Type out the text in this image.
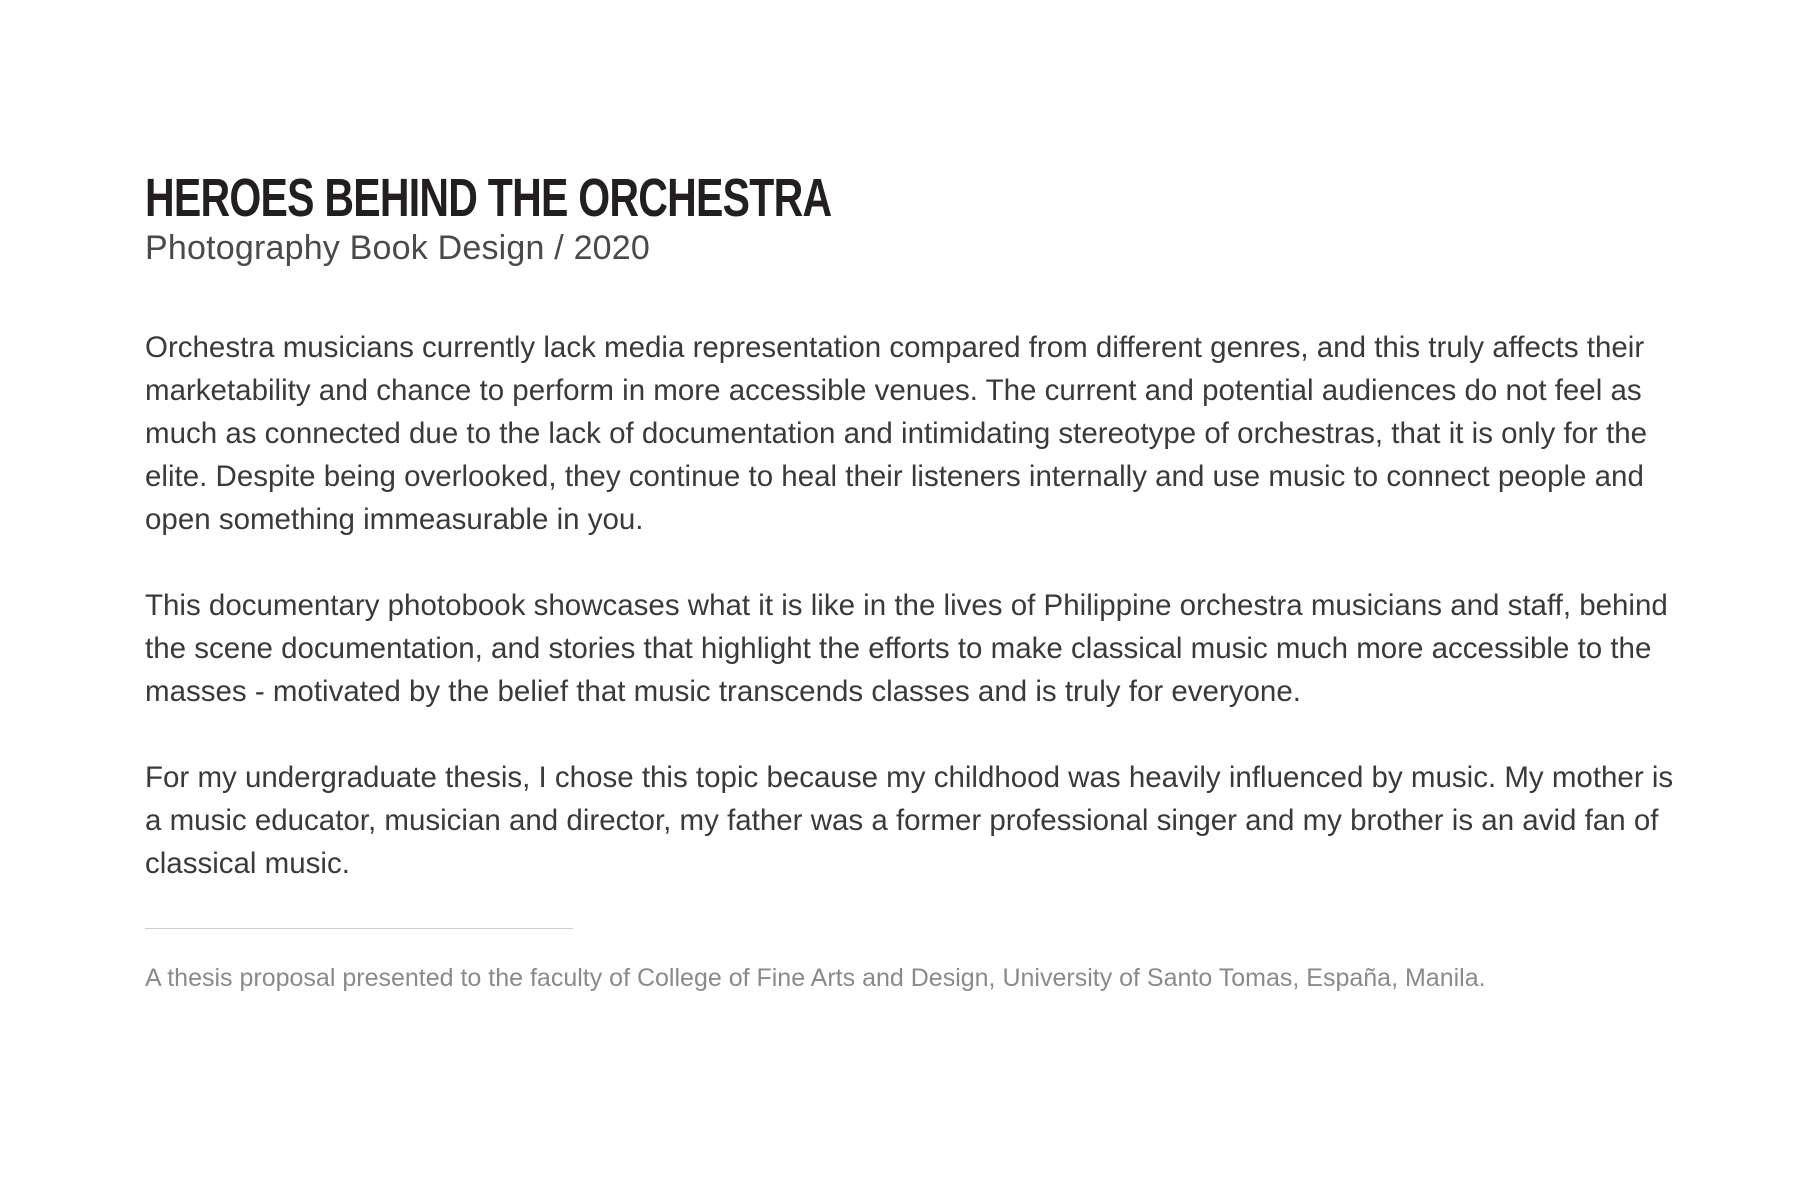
HEROES BEHIND THE ORCHESTRA

Photography Book Design / 2020

Orchestra musicians currently lack media representation compared from different genres, and this truly affects their marketability and chance to perform in more accessible venues. The current and potential audiences do not feel as much as connected due to the lack of documentation and intimidating stereotype of orchestras, that it is only for the elite. Despite being overlooked, they continue to heal their listeners internally and use music to connect people and open something immeasurable in you.

This documentary photobook showcases what it is like in the lives of Philippine orchestra musicians and staff, behind the scene documentation, and stories that highlight the efforts to make classical music much more accessible to the masses - motivated by the belief that music transcends classes and is truly for everyone.

For my undergraduate thesis, I chose this topic because my childhood was heavily influenced by music. My mother is a music educator, musician and director, my father was a former professional singer and my brother is an avid fan of classical music.

A thesis proposal presented to the faculty of College of Fine Arts and Design, University of Santo Tomas, España, Manila.
